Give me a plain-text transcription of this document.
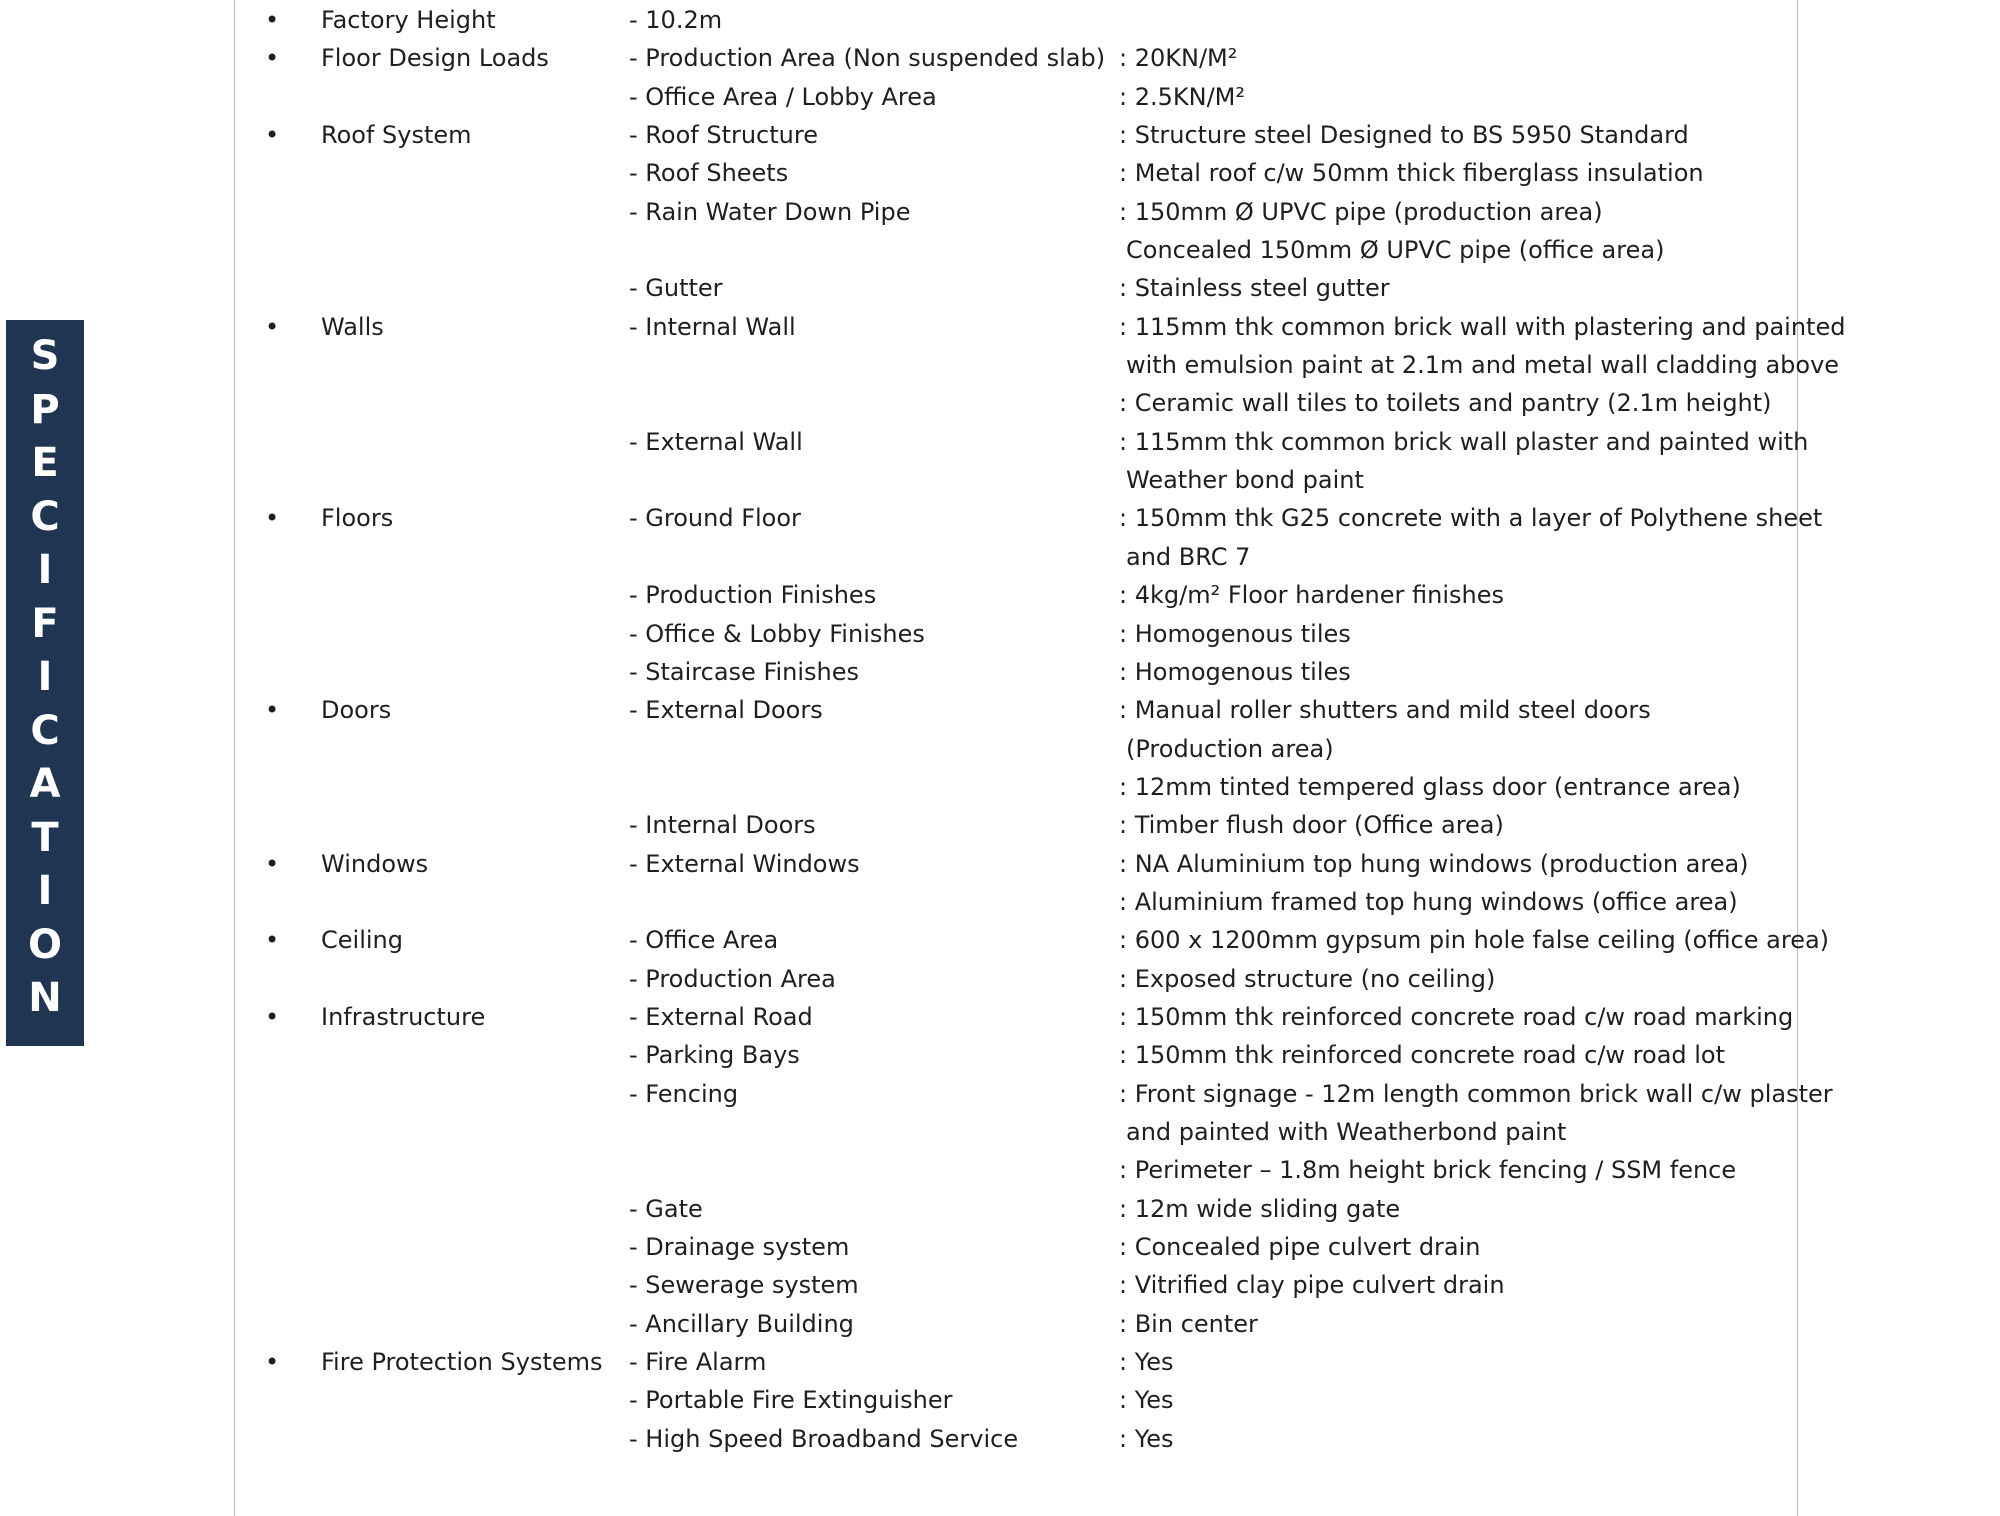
S
P
E
C
I
F
I
C
A
T
I
O
N
•
Factory Height	- 10.2m
•
Floor Design Loads	- Production Area (Non suspended slab) : 20KN/M²
- Office Area / Lobby Area	: 2.5KN/M²
•
Roof System	- Roof Structure	: Structure steel Designed to BS 5950 Standard
- Roof Sheets	: Metal roof c/w 50mm thick fiberglass insulation
- Rain Water Down Pipe	: 150mm Ø UPVC pipe (production area)
Concealed 150mm Ø UPVC pipe (office area)
- Gutter	: Stainless steel gutter
•
Walls	- Internal Wall	: 115mm thk common brick wall with plastering and painted
with emulsion paint at 2.1m and metal wall cladding above
: Ceramic wall tiles to toilets and pantry (2.1m height)
- External Wall	: 115mm thk common brick wall plaster and painted with
Weather bond paint
•
Floors	- Ground Floor	: 150mm thk G25 concrete with a layer of Polythene sheet
and BRC 7
- Production Finishes	: 4kg/m² Floor hardener finishes
- Office & Lobby Finishes	: Homogenous tiles
- Staircase Finishes	: Homogenous tiles
•
Doors	- External Doors	: Manual roller shutters and mild steel doors
(Production area)
: 12mm tinted tempered glass door (entrance area)
- Internal Doors	: Timber flush door (Office area)
•
Windows	- External Windows	: NA Aluminium top hung windows (production area)
: Aluminium framed top hung windows (office area)
•
Ceiling	- Office Area	: 600 x 1200mm gypsum pin hole false ceiling (office area)
- Production Area	: Exposed structure (no ceiling)
•
Infrastructure	- External Road	: 150mm thk reinforced concrete road c/w road marking
- Parking Bays	: 150mm thk reinforced concrete road c/w road lot
- Fencing	: Front signage - 12m length common brick wall c/w plaster
and painted with Weatherbond paint
: Perimeter – 1.8m height brick fencing / SSM fence
- Gate	: 12m wide sliding gate
- Drainage system	: Concealed pipe culvert drain
- Sewerage system	: Vitrified clay pipe culvert drain
- Ancillary Building	: Bin center
•
Fire Protection Systems - Fire Alarm	: Yes
- Portable Fire Extinguisher	: Yes
- High Speed Broadband Service	: Yes
